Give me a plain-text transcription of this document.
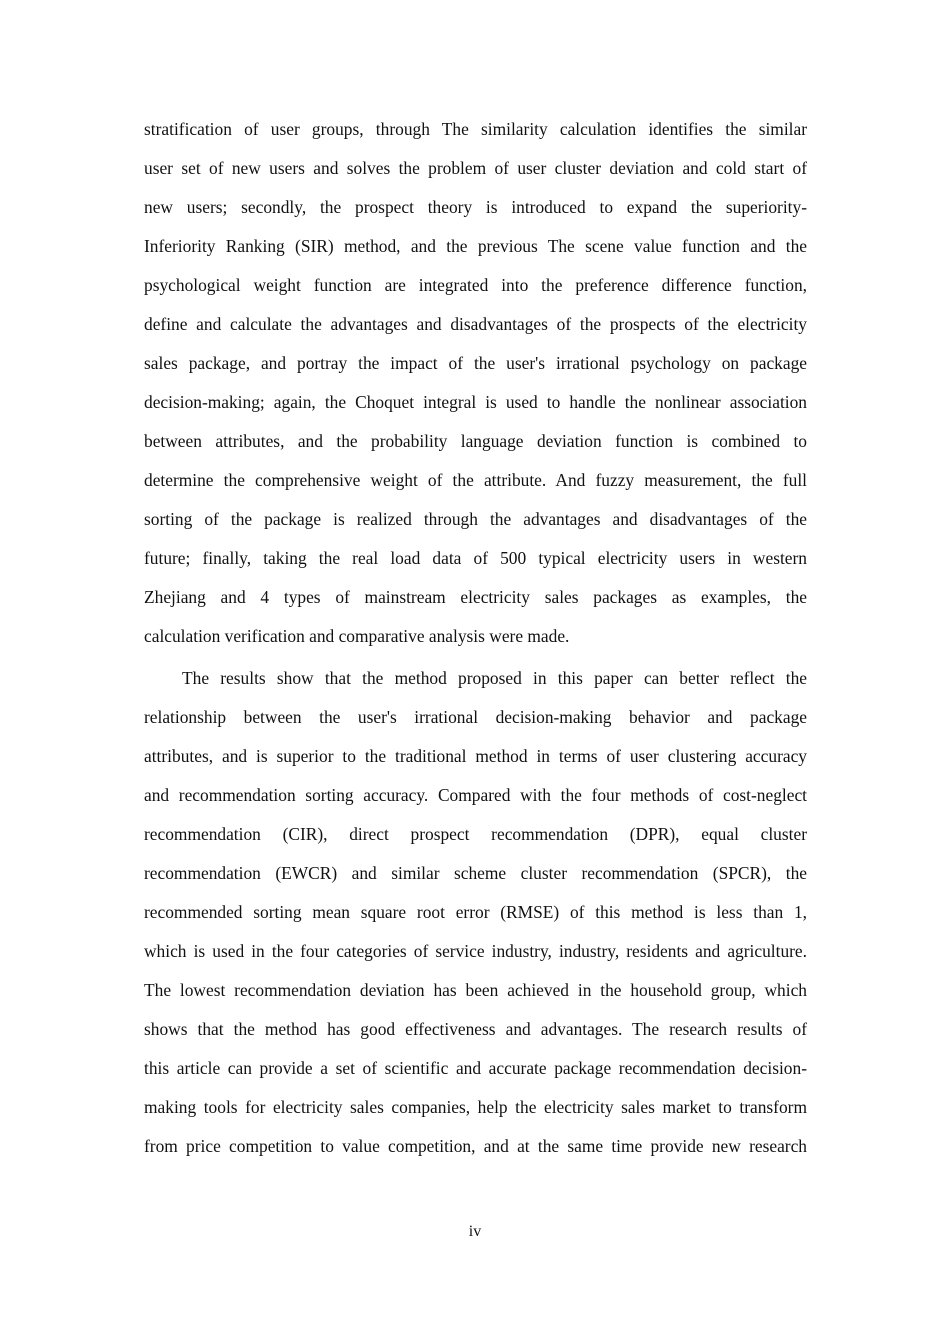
stratification of user groups, through The similarity calculation identifies the similar
user set of new users and solves the problem of user cluster deviation and cold start of
new users; secondly, the prospect theory is introduced to expand the superiority-
Inferiority Ranking (SIR) method, and the previous The scene value function and the
psychological weight function are integrated into the preference difference function,
define and calculate the advantages and disadvantages of the prospects of the electricity
sales package, and portray the impact of the user's irrational psychology on package
decision-making; again, the Choquet integral is used to handle the nonlinear association
between attributes, and the probability language deviation function is combined to
determine the comprehensive weight of the attribute. And fuzzy measurement, the full
sorting of the package is realized through the advantages and disadvantages of the
future; finally, taking the real load data of 500 typical electricity users in western
Zhejiang and 4 types of mainstream electricity sales packages as examples, the
calculation verification and comparative analysis were made.
The results show that the method proposed in this paper can better reflect the
relationship between the user's irrational decision-making behavior and package
attributes, and is superior to the traditional method in terms of user clustering accuracy
and recommendation sorting accuracy. Compared with the four methods of cost-neglect
recommendation (CIR), direct prospect recommendation (DPR), equal cluster
recommendation (EWCR) and similar scheme cluster recommendation (SPCR), the
recommended sorting mean square root error (RMSE) of this method is less than 1,
which is used in the four categories of service industry, industry, residents and agriculture.
The lowest recommendation deviation has been achieved in the household group, which
shows that the method has good effectiveness and advantages. The research results of
this article can provide a set of scientific and accurate package recommendation decision-
making tools for electricity sales companies, help the electricity sales market to transform
from price competition to value competition, and at the same time provide new research
iv
